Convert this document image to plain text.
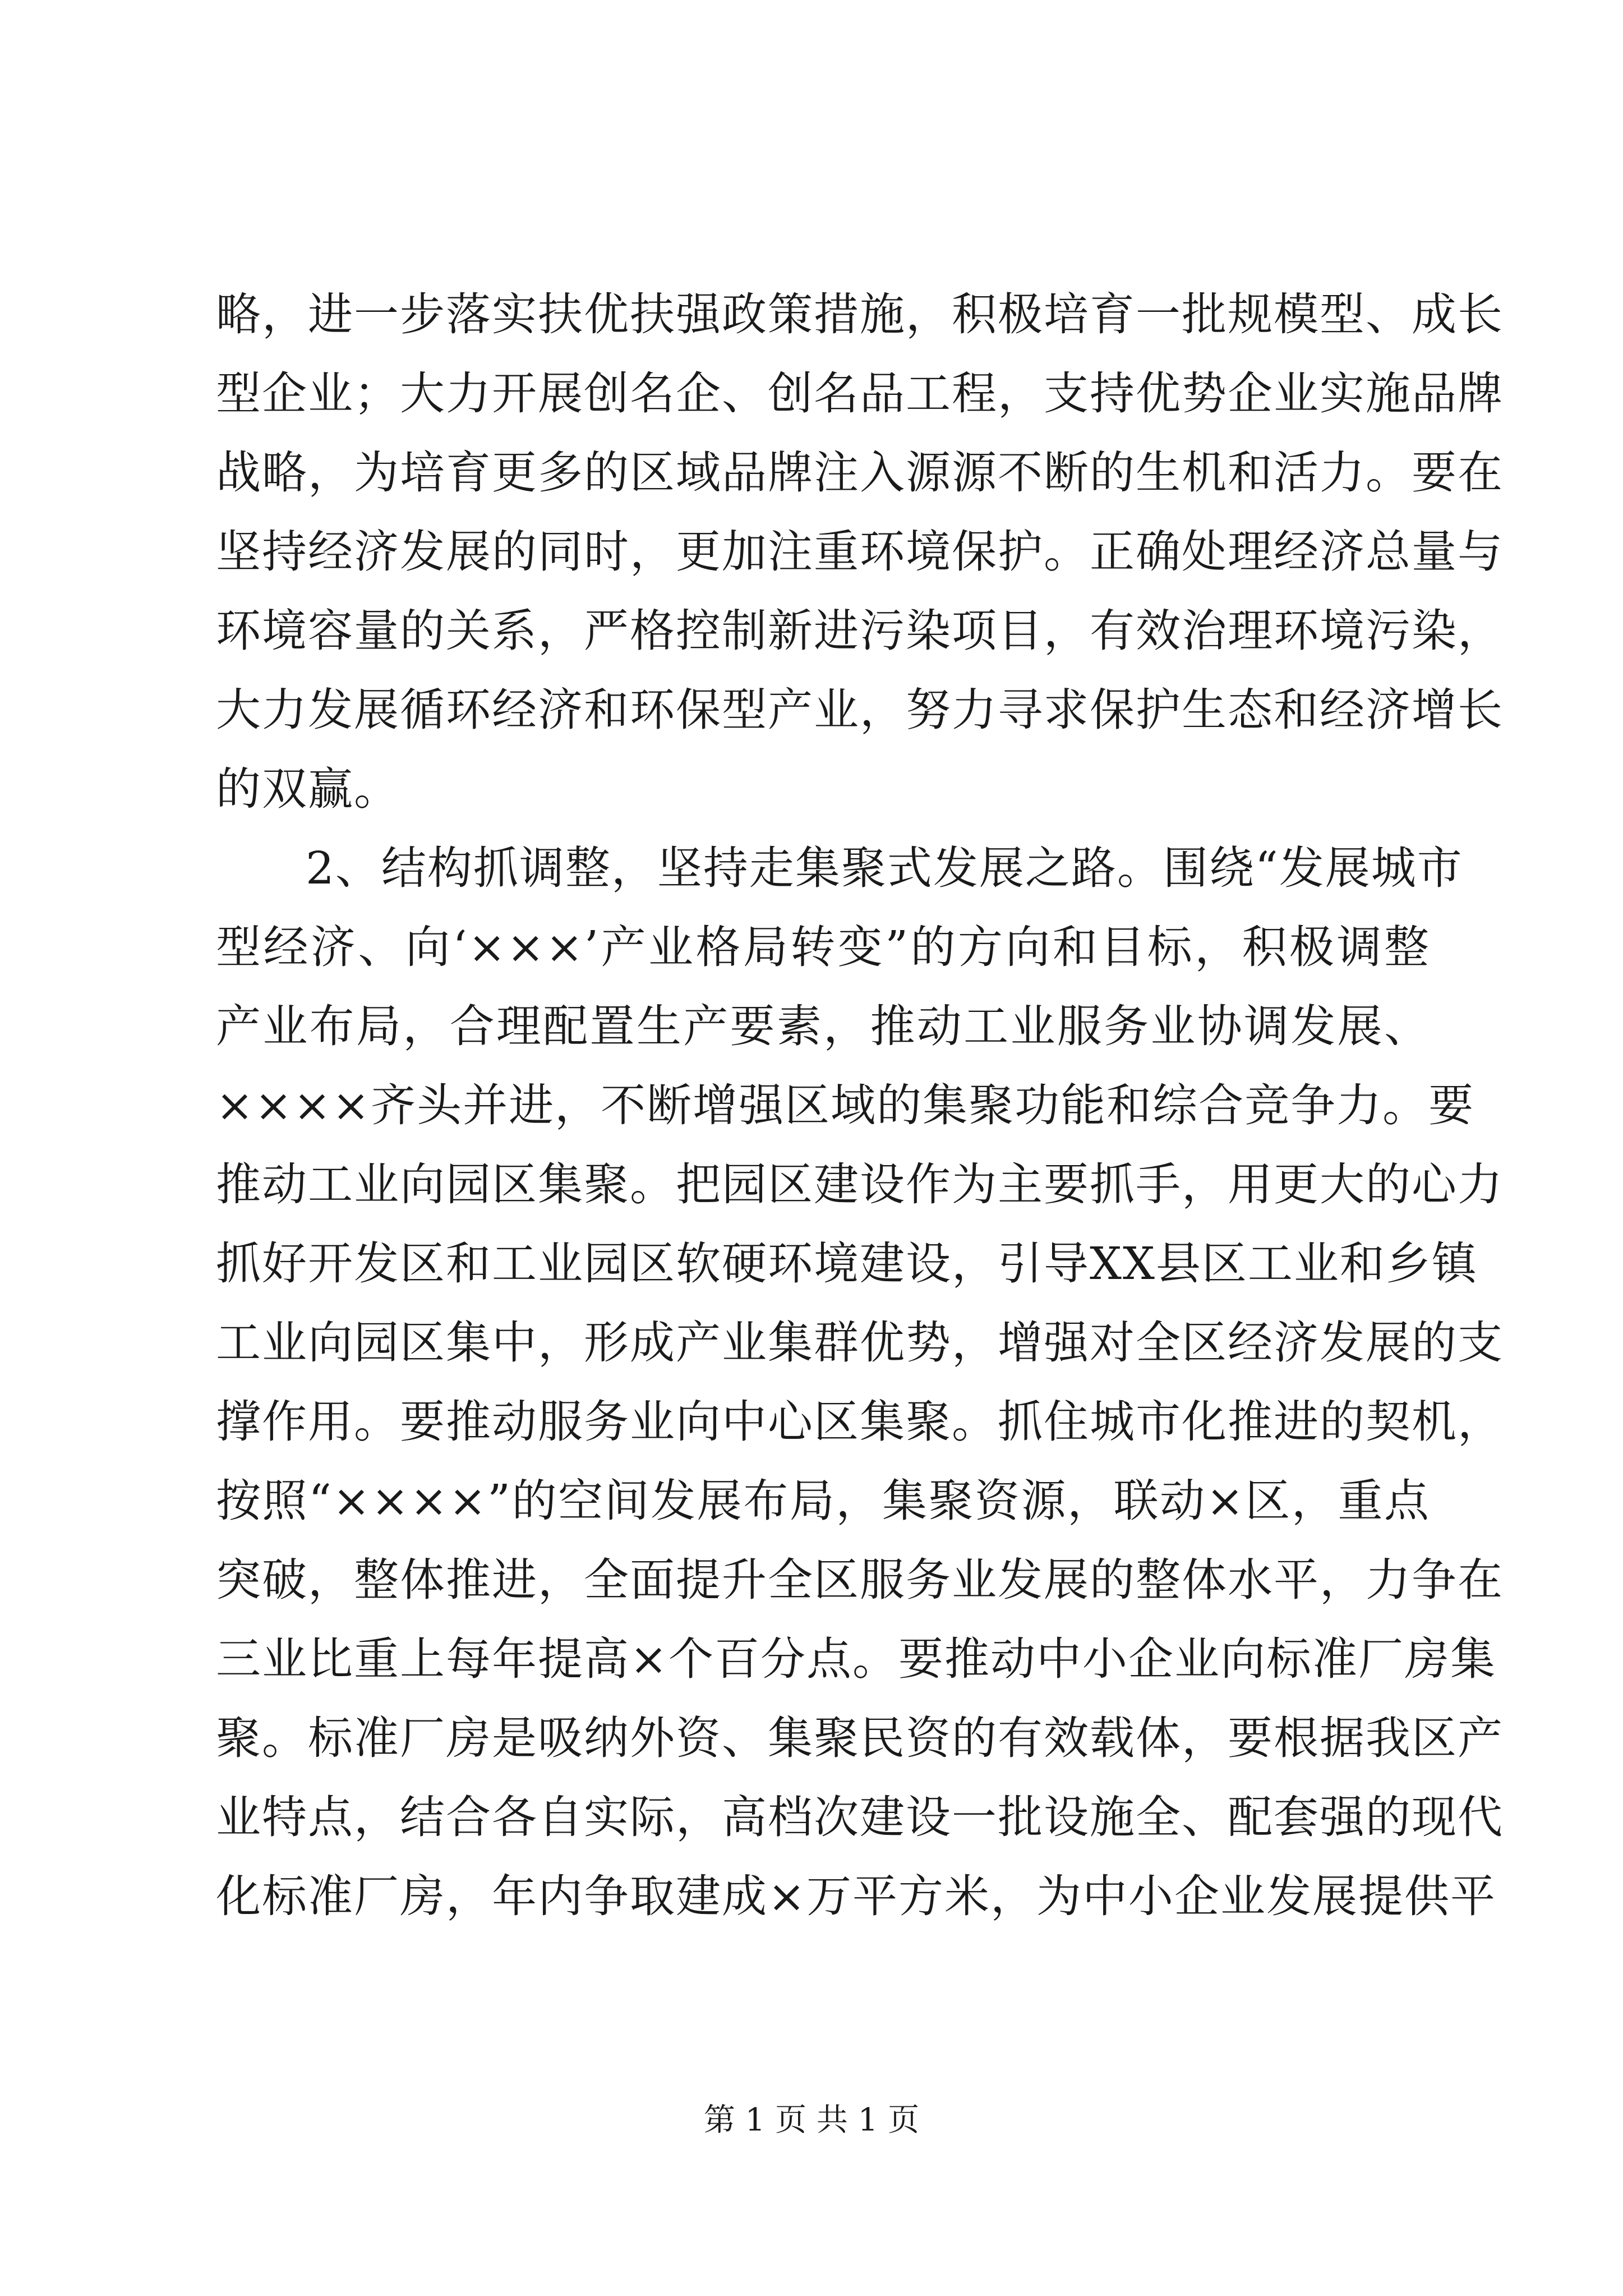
略，进一步落实扶优扶强政策措施，积极培育一批规模型、成长
型企业；大力开展创名企、创名品工程，支持优势企业实施品牌
战略，为培育更多的区域品牌注入源源不断的生机和活力。要在
坚持经济发展的同时，更加注重环境保护。正确处理经济总量与
环境容量的关系，严格控制新进污染项目，有效治理环境污染，
大力发展循环经济和环保型产业，努力寻求保护生态和经济增长
的双赢。
2、结构抓调整，坚持走集聚式发展之路。围绕“发展城市
型经济、向‘×××’产业格局转变”的方向和目标，积极调整
产业布局，合理配置生产要素，推动工业服务业协调发展、
××××齐头并进，不断增强区域的集聚功能和综合竞争力。要
推动工业向园区集聚。把园区建设作为主要抓手，用更大的心力
抓好开发区和工业园区软硬环境建设，引导XX县区工业和乡镇
工业向园区集中，形成产业集群优势，增强对全区经济发展的支
撑作用。要推动服务业向中心区集聚。抓住城市化推进的契机，
按照“××××”的空间发展布局，集聚资源，联动×区，重点
突破，整体推进，全面提升全区服务业发展的整体水平，力争在
三业比重上每年提高×个百分点。要推动中小企业向标准厂房集
聚。标准厂房是吸纳外资、集聚民资的有效载体，要根据我区产
业特点，结合各自实际，高档次建设一批设施全、配套强的现代
化标准厂房，年内争取建成×万平方米，为中小企业发展提供平
第 1 页 共 1 页
